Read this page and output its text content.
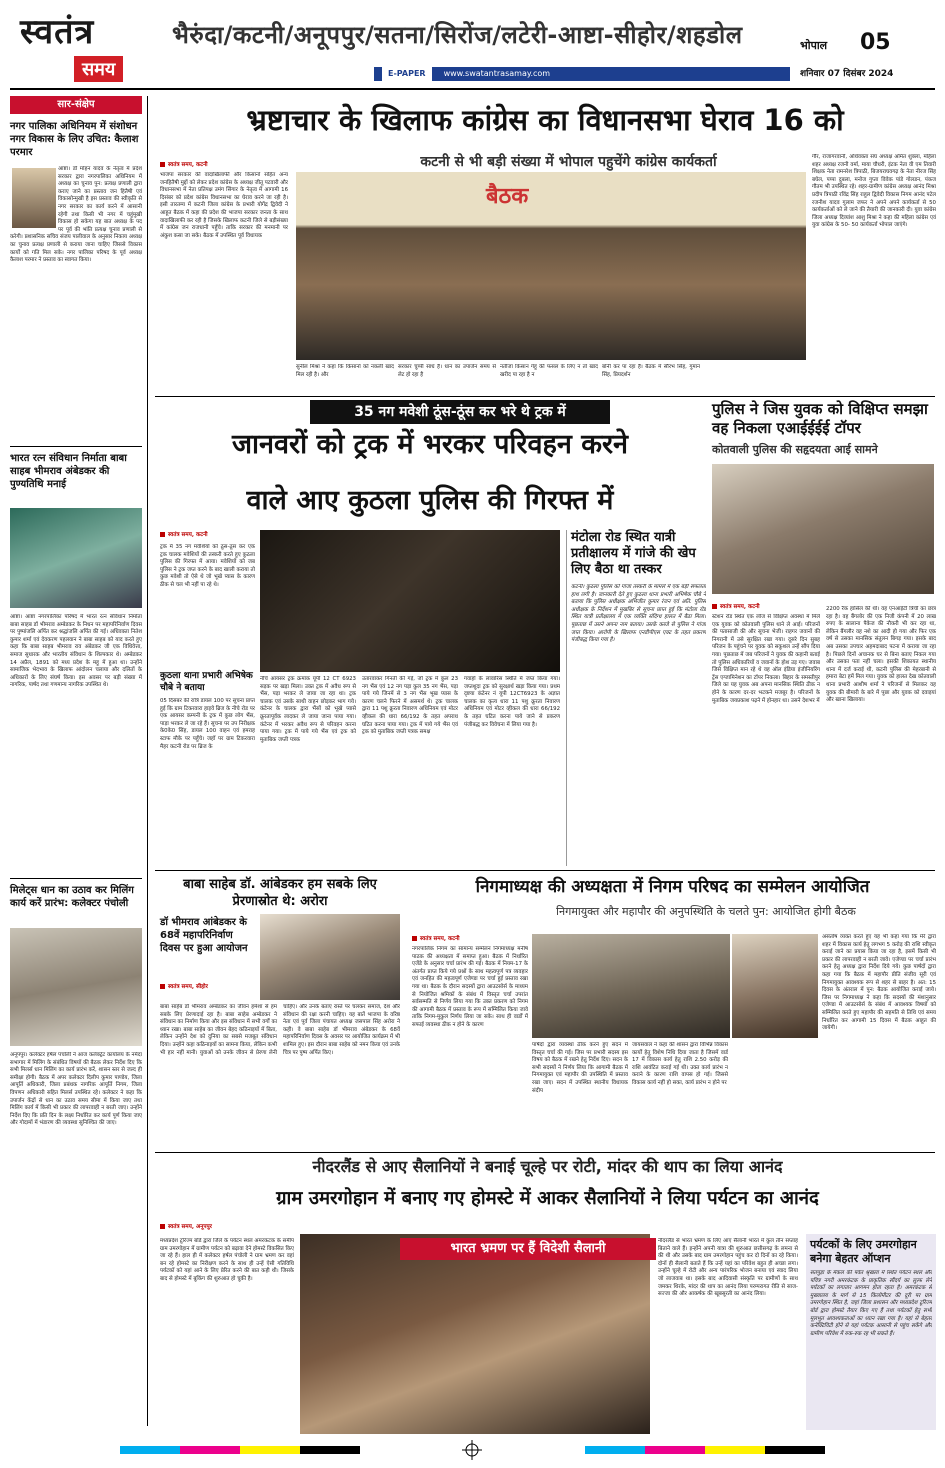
स्वतंत्र
समय
भैरुंदा/कटनी/अनूपपुर/सतना/सिरोंज/लटेरी-आष्टा-सीहोर/शहडोल
E-PAPER	www.swatantrasamay.com
भोपाल 05
शनिवार 07 दिसंबर 2024
सार-संक्षेप
नगर पालिका अधिनियम में संशोधन नगर विकास के लिए उचित: कैलाश परमार
आष्टा। डॉ मोहन यादव के नेतृत्व में प्रदेश सरकार द्वारा नगरपालिका अधिनियम में अध्यक्ष का चुनाव पुन: प्रत्यक्ष प्रणाली द्वारा कराए जाने का प्रस्ताव जन हितैषी एवं विकासोन्मुखी है इस प्रस्ताव की स्वीकृति से नगर सरकार का कार्य करने में आसानी रहेगी तथा किसी भी नगर में चहुंमुखी विकास हो सकेगा यह बात अध्यक्ष के पद पर पूर्व की भांति प्रत्यक्ष चुनाव प्रणाली से करेगी। प्रशासनिक सचिव संजय पालीवाल के अनुसार निकाय अध्यक्ष का चुनाव प्रत्यक्ष प्रणाली से कराया जाना चाहिए जिससे विकास कार्यों को गति मिल सके। नगर पालिका परिषद के पूर्व अध्यक्ष कैलाश परमार ने प्रस्ताव का स्वागत किया।
भारत रत्न संविधान निर्माता बाबा साहब भीमराव अंबेडकर की पुण्यतिथि मनाई
आष्टा। आष्टा नगरपालिका परिषद में भारत रत्न संविधान निर्माता बाबा साहब डॉ भीमराव अम्बेडकर के निधन पर महापरिनिर्वाण दिवस पर पुष्पांजलि अर्पित कर श्रद्धांजलि अर्पित की गई। अधिवक्ता नितेश कुमार शर्मा एवं देवकरण पहलवान ने बाबा साहब को याद करते हुए कहा कि बाबा साहब भीमराव राव अंबेडकर जी एक विधिवेत्ता, समाज सुधारक और भारतीय संविधान के शिल्पकार थे। अम्बेडकर 14 अप्रैल, 1891 को मध्य प्रदेश के महू में हुआ था। उन्होंने सामाजिक भेदभाव के खिलाफ आंदोलन चलाया और दलितों के अधिकारों के लिए संघर्ष किया। इस अवसर पर बड़ी संख्या में नागरिक, पार्षद तथा गणमान्य नागरिक उपस्थित थे।
मिलेट्स धान का उठाव कर मिलिंग कार्य करें प्रारंभ: कलेक्टर पंचोली
अनूपपुर। कलेक्टर हर्षल पंचोली ने आज कलेक्ट्रेट कार्यालय के नर्मदा सभागार में मिलिंग के संबंधित विषयों की बैठक लेकर निर्देश दिए कि सभी मिलर्स धान मिलिंग का कार्य प्रारंभ करें, शासन स्तर से जल्द ही समीक्षा होगी। बैठक में अपर कलेक्टर दिलीप कुमार पाण्डेय, जिला आपूर्ति अधिकारी, जिला प्रबंधक नागरिक आपूर्ति निगम, जिला विपणन अधिकारी सहित मिलर्स उपस्थित रहे। कलेक्टर ने कहा कि उपार्जन केंद्रों से धान का उठाव समय सीमा में किया जाए तथा मिलिंग कार्य में किसी भी प्रकार की लापरवाही न बरती जाए। उन्होंने निर्देश दिए कि प्रति दिन के लक्ष्य निर्धारित कर कार्य पूर्ण किया जाए और गोदामों में भंडारण की व्यवस्था सुनिश्चित की जाए।
भ्रष्टाचार के खिलाफ कांग्रेस का विधानसभा घेराव 16 को
कटनी से भी बड़ी संख्या में भोपाल पहुचेंगे कांग्रेस कार्यकर्ता
स्वतंत्र समय, कटनी
भाजपा सरकार की वादाखिलाफी और किसानों सहित अन्य जनहितैषी मुद्दों को लेकर प्रदेश कांग्रेस के अध्यक्ष जीतू पटवारी और विधानसभा में नेता प्रतिपक्ष उमंग सिंगार के नेतृत्व में आगामी 16 दिसंबर को प्रदेश कांग्रेस विधानसभा का घेराव करने जा रही है। इसी तारतम्य में कटनी जिला कांग्रेस के प्रभारी योगेंद्र द्विवेदी ने आहूत बैठक में कहा की प्रदेश की भाजपा सरकार जनता के साथ वादाखिलाफी कर रही है जिसके खिलाफ कटनी जिले से बड़ीसंख्या में कांग्रेस जन राजधानी पहुँचे। ताकि सरकार की मनमानी पर अंकुश कसा जा सके। बैठक में उपस्थित पूर्व विधायक
बैठक
सुनील मिश्रा ने कहा कि किसानों को नकली खाद मिल रही है। और
सरकार चुप्पी साधे है। धान का उपार्जन समय से लेट हो रहा है
नतीजा किसान गेहूं की फसल के लिए न तो खाद खरीद पा रहा है न
बोनी कर पा रहा है। बैठक में सौरभ सिंह, गुमान सिंह, प्रियदर्शन
गौर, राजागरवानी, अधिवक्ता संघ अध्यक्ष अमित शुक्ला, महिला शहर अध्यक्ष रजनी वर्मा, माया चौधरी, इंटक नेता वी एम तिवारी शिक्षक नेता रामनरेश त्रिपाठी, बिजयराघवगढ़ के नेता नीरज सिंह बघेल, पप्पा दुबला, मनोज गुप्ता विवेक पांडे गोलडन, पंकज गौतम भी उपस्थित रहे। शहर-ग्रामीण कांग्रेस अध्यक्ष आनंद मिश्रा प्रदीप त्रिपाठी रविंद्र सिंह राहुल द्विवेदी विकास निगम आनंद पटेल रजनीश यादव गुलाम जफर ने अपने अपने कार्यकर्ता से 50 कार्यकर्ताओं को ले जाने की तैयारी की जानकारी दी। युवा कांग्रेस जिला अध्यक्ष दिव्यांश आशु मिश्रा ने कहा की महिला कांग्रेस एवं युवा कांग्रेस के 50- 50 कार्यकर्ता भोपाल जाएंगे।
35 नग मवेशी ठूंस-ठूंस कर भरे थे ट्रक में
जानवरों को ट्रक में भरकर परिवहन करने
वाले आए कुठला पुलिस की गिरफ्त में
स्वतंत्र समय, कटनी
ट्रक में 35 नग मवेशियों को ठूंस-ठूंस कर एक ट्रक चालक मवेशियों की तस्करी करते हुए कुठला पुलिस की गिरफ्त में आया। मवेशियों को जब पुलिस ने ट्रक जप्त करने के बाद खाली कराया तो कुछ मवेशी तो ऐसे थे जो भूखे प्यास के कारण ठीक से चल भी नहीं पा रहे थे।
कुठला थाना प्रभारी अभिषेक चौबे ने बताया
05 दिसंबर की रात्रि डायल 100 पर सूचना प्राप्त हुई कि ग्राम टिकरवारा हाइवे ब्रिज के नीचे रोड पर एक आयसर कम्पनी के ट्रक में कुछ लोग भैंस, पाड़ा भरकर ले जा रहे हैं। सूचना पर उप निरीक्षक के0के0 सिंह, डायल 100 वाहन एवं हमराह स्टाफ मौके पर पहुँचे। जहाँ पर ग्राम टिकरवारा मैहर कटनी रोड पर ब्रिज के
नीचे आयसर ट्रक क्रमांक यूपी 12 CT 6923 सड़क पर खड़ा मिला। उक्त ट्रक में अवैध रूप से भैंस, पड़ा भरकर ले जाया जा रहा था। ट्रक चालक एवं उसके साथी वाहन छोड़कर भाग गये। कंटेनर के चालक द्वारा भैंसों को भूखे प्यासे क्रूरतापूर्वक लादकर ले जाया जाना पाया गया। कंटेनर में भरकर अवैध रूप से परिवहन करना पाया गया। ट्रक में पाये गये भैंस एवं ट्रक को मुताबिक जप्ती पत्रक
उतारवाकर गिनती की गई, जो ट्रक में कुल 23 नग भैंस एवं 12 नग पड़ा कुल 35 नग भैंस, पड़ा पाये गये जिनमें से 3 नग भैंस भूख प्यास के कारण चलने फिरने में असमर्थ थे। ट्रक चालक द्वारा 11 पशु क्रूरता निवारण अधिनियम एवं मोटर व्हीकल की धारा 66/192 के तहत अपराध घटित करना पाया गया। ट्रक में पाये गये भैंस एवं ट्रक को मुताबिक जप्ती पत्रक समक्ष
गवाहों के लावारिस स्थिति में जप्त किया गया। जप्तशुदा ट्रक को सुरक्षार्थ खड़ा किया गया। प्रथम दृष्टया कंटेनर नं यूपी 12CT6923 के अज्ञात चालक का कृत्य धारा 11 पशु क्रूरता निवारण अधिनियम एवं मोटर व्हीकल की धारा 66/192 के तहत घटित करना पाये जाने से प्रकरण पंजीबद्ध कर विवेचना में लिया गया है।
मंटोला रोड स्थित यात्री प्रतीक्षालय में गांजे की खेप लिए बैठा था तस्कर
कटनी। कुठला पुलिस को गांजा तस्करी के मामले में एक बड़ी सफलता हाथ लगी है। जानकारी देते हुए कुठला थाना प्रभारी अभिषेक चौबे ने बताया कि पुलिस अधीक्षक अभिजीत कुमार रंजन एवं अति. पुलिस अधीक्षक के निर्देशन में मुखबिर से सूचना प्राप्त हुई कि मंटोला रोड स्थित यात्री प्रतीक्षालय में एक व्यक्ति संदिग्ध हालत में बैठा मिला। पूछताछ में उसने अपना नाम बताया। उसके कब्जे से पुलिस ने गांजा जप्त किया। आरोपी के खिलाफ एनडीपीएस एक्ट के तहत प्रकरण पंजीबद्ध किया गया है।
पुलिस ने जिस युवक को विक्षिप्त समझा वह निकला एआईईईई टॉपर
कोतवाली पुलिस की सहृदयता आई सामने
स्वतंत्र समय, कटनी
स्टेशन रोड स्थित एक लॉज से विक्षिप्त अवस्था में मिले एक युवक को कोतवाली पुलिस थाने ले आई। परिजनों की पतासाजी की और सूचना भेजी। राहगर जवानों की निगरानी में उसे सुरक्षित रखा गया। दूसरे दिन सुबह परिजन के पहुंचने पर युवक को सकुशल उन्हें सौंप दिया गया। पूछताछ में जब परिजनों ने युवक की कहानी बताई तो पुलिस अधिकारियों व जवानों के होश उड़ गए। जवाब जिसे विक्षिप्त मान रहे थे वह ऑल इंडिया इंजीनियरिंग ट्रेंस एग्जामिनेशन का टॉपर निकला। बिहार के समस्तीपुर जिले का यह युवक अब अपना मानसिक स्थिति ठीक न होने के कारण दर-दर भटकने मजबूर है। परिजनों के मुताबिक जयप्रकाश पढ़ने में होनहार था। उसने देशभर में
2200 रैंक हासिल की थी। वह एनआईटी त्रिची का छात्र रहा है। वह बैंगलोर की एक निजी कंपनी में 20 लाख रुपए के सालाना पैकेज की नौकरी भी कर रहा था, लेकिन बैंगलौर वह नशे का आदी हो गया और फिर एक वर्ष से उसका मानसिक संतुलन बिगड़ गया। इसके बाद अब उसका उपचार अहमदाबाद पटना में कराया जा रहा है। पिछले दिनों अचानक घर से बिना बताए निकल गया और उसका पता नहीं चला। इसकी शिकायत स्थानीय थाना में दर्ज कराई थी, कटनी पुलिस की मेहरबानी से हमारा बेटा हमें मिल गया। युवक को हालत देख कोतवाली थाना प्रभारी आशीष शर्मा ने परिजनों से मिलकर वह युवक की बीमारी के बारे में पूछा और युवक को दवाइयां और खाना खिलाया।
बाबा साहेब डॉ. आंबेडकर हम सबके लिए प्रेरणास्रोत थे: अरोरा
डॉ भीमराव आंबेडकर के 68वें महापरिनिर्वाण दिवस पर हुआ आयोजन
स्वतंत्र समय, सीहोर
बाबा साहेब डॉ भीमराव अम्बेडकर का जीवन हमेशा से हम सबके लिए प्रेरणादाई रहा है। बाबा साहेब अम्बेडकर ने संविधान का निर्माण किया और इस संविधान में सभी वर्गों का ध्यान रखा। बाबा साहेब का जीवन बेहद कठिनाइयों में बिता, लेकिन उन्होंने देश को दुनिया का सबसे मजबूत संविधान दिया। उन्होंने कहा कठिनाइयों का सामना किया, लेकिन कभी भी हार नहीं मानी। युवाओं को उनके जीवन से प्रेरणा लेनी चाहिए। और उनके बताए रास्ते पर चलकर समाज, देश और संविधान की रक्षा करनी चाहिए। यह बातें भाजपा के वरिष्ठ नेता एवं पूर्व जिला पंचायत अध्यक्ष जसपाल सिंह अरोरा ने कही। वे बाबा साहेब डॉ भीमराव अंबेडकर के 68वें महापरिनिर्वाण दिवस के अवसर पर आयोजित कार्यक्रम में भी शामिल हुए। इस दौरान बाबा साहेब को नमन किया एवं उनके चित्र पर पुष्प अर्पित किए।
निगमाध्यक्ष की अध्यक्षता में निगम परिषद का सम्मेलन आयोजित
निगमायुक्त और महापौर की अनुपस्थिति के चलते पुन: आयोजित होगी बैठक
स्वतंत्र समय, कटनी
नगरपालिक निगम का सामान्य सम्मेलन निगमाध्यक्ष मनीष पाठक की अध्यक्षता में समाप्त हुआ। बैठक में निर्धारित एजेंडे के अनुसार चर्चा प्रारंभ की गई। बैठक में नियम-17 के अंतर्गत प्राप्त किये गये प्रश्नों के साथ महत्वपूर्ण पत्र व्यवहार एवं जनहित की महत्वपूर्ण एजेण्डा पर चर्चा हुई प्रस्ताव रखा गया था। बैठक के दौरान सदस्यों द्वारा आउटसोर्स के माध्यम से नियोजित श्रमिकों के संबंध में विस्तृत चर्चा उपरांत सर्वसम्मति से निर्णय लिया गया कि उक्त प्रकरण को निगम की आगामी बैठक में प्रस्ताव के रूप में सम्मिलित किया जावे ताकि निगम-मुकुल निर्णय लिया जा सके। साथ ही वार्डों में सफाई व्यवस्था ठीक न होने के कारण
पार्षदों द्वारा व्यवस्था ठीक करने हुए सदन में विस्तृत चर्चा की गई। जिस पर प्रभारी सदस्य इस विषय को बैठक में रखने हेतु निर्देश दिए। सदन के सभी सदस्यों ने निर्णय लिया कि आगामी बैठक में निगमायुक्त एवं महापौर की उपस्थिति में प्रस्ताव रखा जाए। सदन में उपस्थित स्थानीय विधायक संदीप
जायसवाल ने कहा की शासन द्वारा विभिन्न विकास कार्यों हेतु विशेष निधि दिया जाता है जिसमें वार्ड 17 में विकास कार्य हेतु राशि 2.50 करोड़ की राशि आवंटित कराई गई थी। उक्त कार्य प्रारंभ न कराने के कारण राशि वापस हो गई। जिससे विकास कार्य नहीं हो सका, कार्य प्रारंभ न होने पर
असंतोष व्यक्त करते हुए यह भी कहा गया कि मेरे द्वारा शहर में विकास कार्य हेतु लगभग 5 करोड़ की राशि स्वीकृत कराई जाने का प्रयास किया जा रहा है, इसमें किसी भी प्रकार की लापरवाही न बरती जावे। एजेण्डा पर चर्चा प्रारंभ करने हेतु अध्यक्ष द्वारा निर्देश दिये गये। कुछ पार्षदों द्वारा कहा गया कि बैठक में महापौर प्रीति संजीव सूरी एवं निगमायुक्त आवश्यक रूप से शहर से बाहर है। अत: 15 दिवस के अंतराल में पुन: बैठक आयोजित कराई जाये। जिस पर निगमाध्यक्ष ने कहा कि सदस्यों की मंशानुसार एजेण्डा में आउटसोर्स के संबंध में आवश्यक विषयों को सम्मिलित करते हुए महापौर की सहमति से तिथि एवं समय निर्धारित कर आगामी 15 दिवस में बैठक आहूत की जायेगी।
नीदरलैंड से आए सैलानियों ने बनाई चूल्हे पर रोटी, मांदर की थाप का लिया आनंद
ग्राम उमरगोहान में बनाए गए होमस्टे में आकर सैलानियों ने लिया पर्यटन का आनंद
स्वतंत्र समय, अनूपपुर
भारत भ्रमण पर हैं विदेशी सैलानी
मध्यप्रदेश टूरिज्म बोर्ड द्वारा जिले के पर्यटन स्थल अमरकंटक के समीप ग्राम उमरगोहान में ग्रामीण पर्यटन को बढ़ावा देने होमस्टे विकसित किए जा रहे हैं। हाल ही में कलेक्टर हर्षल पंचोली ने ग्राम भ्रमण कर वहां बन रहे होमस्टे का निरीक्षण करने के साथ ही उन्हें ऐसी गतिविधि पर्यटकों को यहां आने के लिए प्रेरित करने की बात कही थी। जिसके बाद से होमस्टे में बुकिंग की शुरुआत हो चुकी है।
नीदरलैंड से भारत भ्रमण के लिए आए सैलानी भारत में कुल तीन सप्ताह बिताने वाले हैं। इन्होंने अपनी यात्रा की शुरुआत छत्तीसगढ़ के लमना से की थी और उसके बाद ग्राम उमरगोहान पहुंच कर दो दिनों का रहे किया। दोनों ही सैलानी बताते हैं कि उन्हें यहां का परिवेश बहुत ही अच्छा लगा। उन्होंने चूल्हे में रोटी और अन्य पारंपरिक भोजन बनाया एवं स्वाद लिया जो लाजवाब था। इसके बाद आदिवासी संस्कृति पर ग्रामीणों के साथ जमकर थिरके, मांदर की थाप का आनंद लिया परम्परागत रीति से साज-सज्जा की और आकर्षक की खूबसूरती का आनंद लिया।
पर्यटकों के लिए उमरगोहान बनेगा बेहतर ऑप्शन
सतपुड़ा के मेकल की पर्वत श्रृंखला में स्थित पर्यटन स्थल और पवित्र नगरी अमरकंटक के प्राकृतिक सौंदर्य का लुत्फ लेने पर्यटकों का लगातार आगमन होता रहता है। अमरकंटक से मुख्यालय के मार्ग से 15 किलोमीटर की दूरी पर ग्राम उमरगोहान स्थित है, जहां जिला प्रशासन और मध्यप्रदेश टूरिज्म बोर्ड द्वारा होमस्टे तैयार किए गए हैं तथा पर्यटकों हेतु सभी मूलभूत आवश्यकताओं का ध्यान रखा गया है। यहां से बेहतर कनेक्टिविटी होने से यहां पर्यटक आसानी से पहुंच सकेंगे और ग्रामीण परिवेश में रुक-रुक रह भी सकते हैं।
